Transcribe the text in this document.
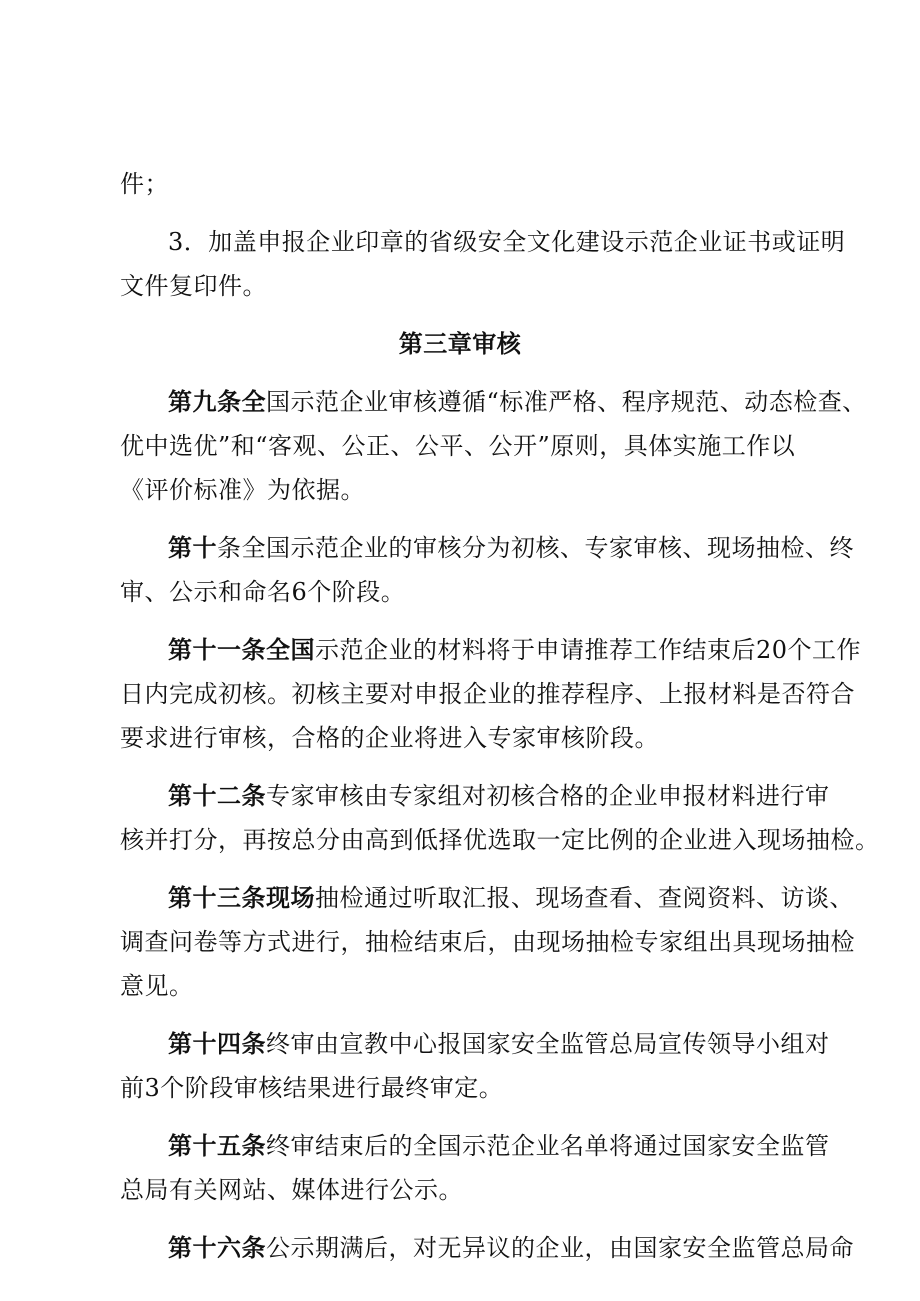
件；
3．加盖申报企业印章的省级安全文化建设示范企业证书或证明
文件复印件。
第三章审核
第九条全国示范企业审核遵循“标准严格、程序规范、动态检查、
优中选优”和“客观、公正、公平、公开”原则，具体实施工作以
《评价标准》为依据。
第十条全国示范企业的审核分为初核、专家审核、现场抽检、终
审、公示和命名6个阶段。
第十一条全国示范企业的材料将于申请推荐工作结束后20个工作
日内完成初核。初核主要对申报企业的推荐程序、上报材料是否符合
要求进行审核，合格的企业将进入专家审核阶段。
第十二条专家审核由专家组对初核合格的企业申报材料进行审
核并打分，再按总分由高到低择优选取一定比例的企业进入现场抽检。
第十三条现场抽检通过听取汇报、现场查看、查阅资料、访谈、
调查问卷等方式进行，抽检结束后，由现场抽检专家组出具现场抽检
意见。
第十四条终审由宣教中心报国家安全监管总局宣传领导小组对
前3个阶段审核结果进行最终审定。
第十五条终审结束后的全国示范企业名单将通过国家安全监管
总局有关网站、媒体进行公示。
第十六条公示期满后，对无异议的企业，由国家安全监管总局命
